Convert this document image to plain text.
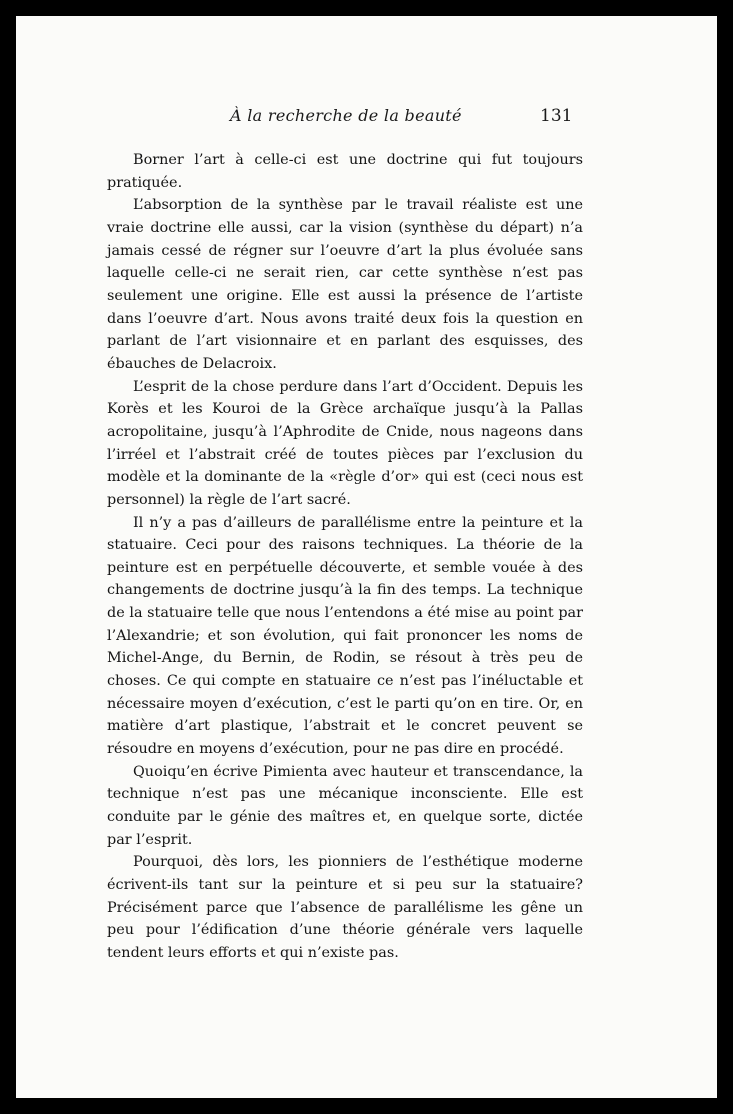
À la recherche de la beauté	131

Borner l’art à celle-ci est une doctrine qui fut toujours pratiquée.

L’absorption de la synthèse par le travail réaliste est une vraie doctrine elle aussi, car la vision (synthèse du départ) n’a jamais cessé de régner sur l’oeuvre d’art la plus évoluée sans laquelle celle-ci ne serait rien, car cette synthèse n’est pas seulement une origine. Elle est aussi la présence de l’artiste dans l’oeuvre d’art. Nous avons traité deux fois la question en parlant de l’art visionnaire et en parlant des esquisses, des ébauches de Delacroix.

L’esprit de la chose perdure dans l’art d’Occident. Depuis les Korès et les Kouroi de la Grèce archaïque jusqu’à la Pallas acropolitaine, jusqu’à l’Aphrodite de Cnide, nous nageons dans l’irréel et l’abstrait créé de toutes pièces par l’exclusion du modèle et la dominante de la «règle d’or» qui est (ceci nous est personnel) la règle de l’art sacré.

Il n’y a pas d’ailleurs de parallélisme entre la peinture et la statuaire. Ceci pour des raisons techniques. La théorie de la peinture est en perpétuelle découverte, et semble vouée à des changements de doctrine jusqu’à la fin des temps. La technique de la statuaire telle que nous l’entendons a été mise au point par l’Alexandrie; et son évolution, qui fait prononcer les noms de Michel-Ange, du Bernin, de Rodin, se résout à très peu de choses. Ce qui compte en statuaire ce n’est pas l’inéluctable et nécessaire moyen d’exécution, c’est le parti qu’on en tire. Or, en matière d’art plastique, l’abstrait et le concret peuvent se résoudre en moyens d’exécution, pour ne pas dire en procédé.

Quoiqu’en écrive Pimienta avec hauteur et transcendance, la technique n’est pas une mécanique inconsciente. Elle est conduite par le génie des maîtres et, en quelque sorte, dictée par l’esprit.

Pourquoi, dès lors, les pionniers de l’esthétique moderne écrivent-ils tant sur la peinture et si peu sur la statuaire? Précisément parce que l’absence de parallélisme les gêne un peu pour l’édification d’une théorie générale vers laquelle tendent leurs efforts et qui n’existe pas.
